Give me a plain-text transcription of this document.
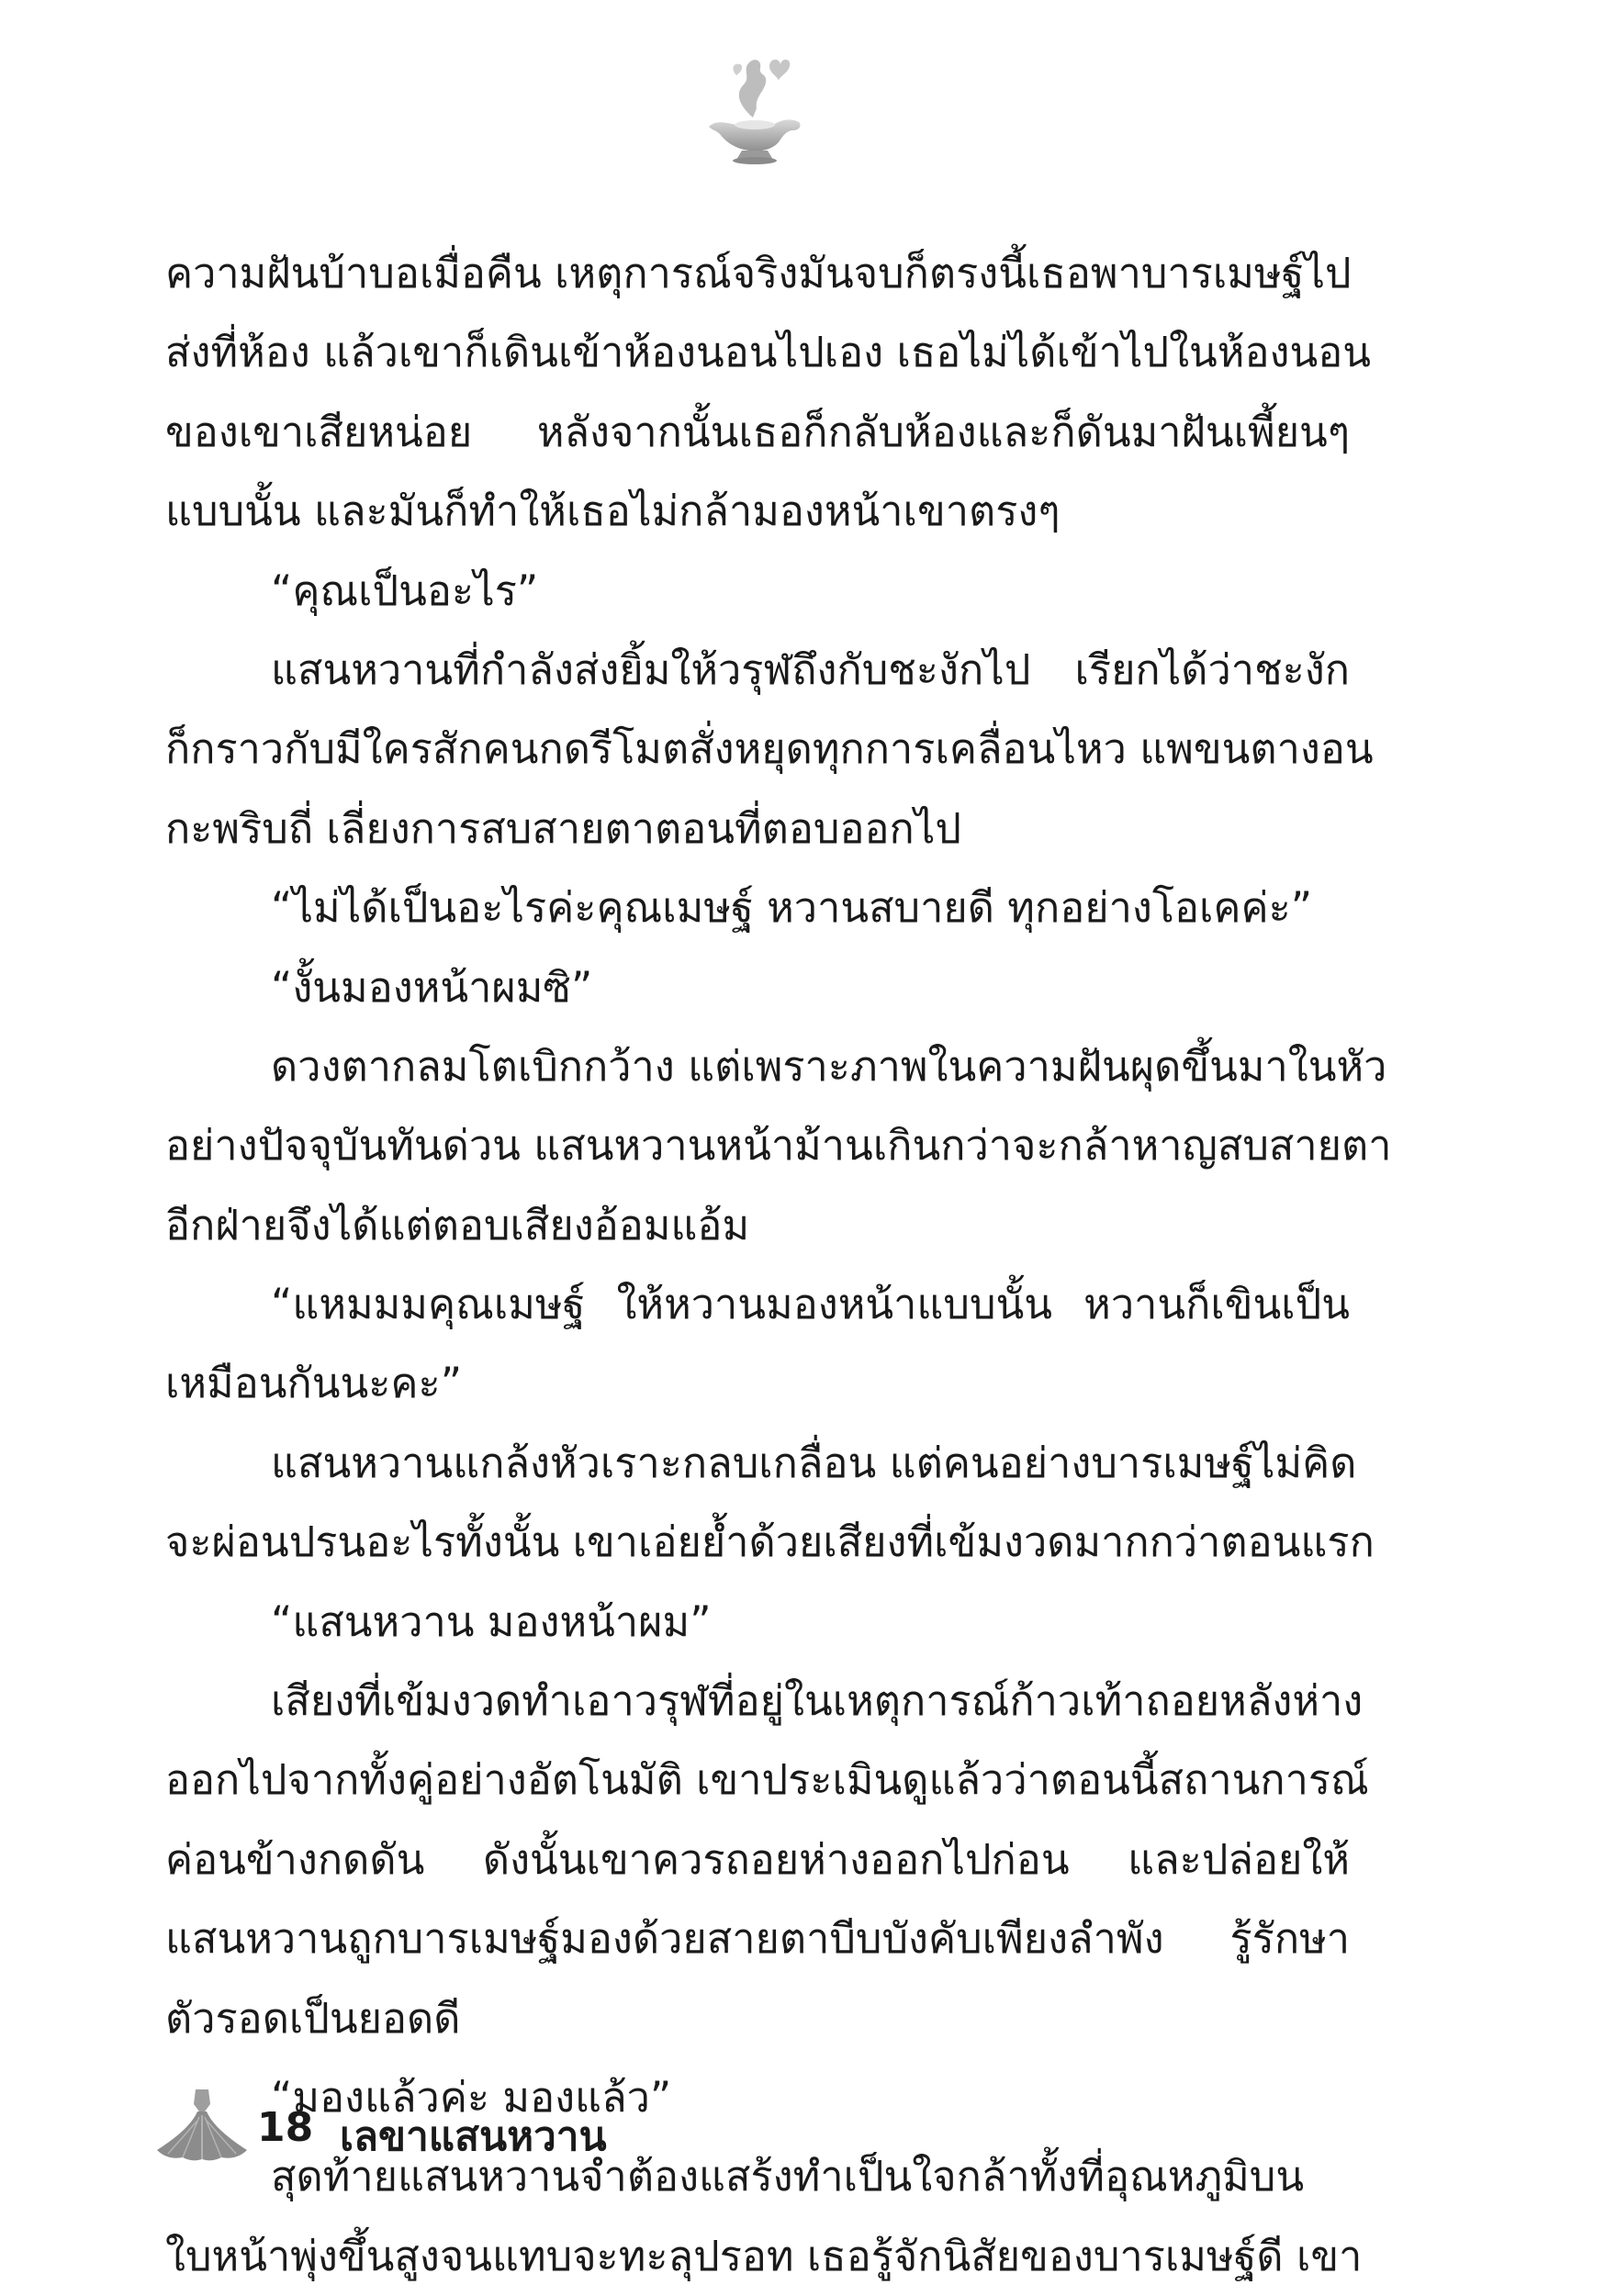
ความฝันบ้าบอเมื่อคืน เหตุการณ์จริงมันจบก็ตรงนี้เธอพาบารเมษฐ์ไป
ส่งที่ห้อง แล้วเขาก็เดินเข้าห้องนอนไปเอง เธอไม่ได้เข้าไปในห้องนอน
ของเขาเสียหน่อย หลังจากนั้นเธอก็กลับห้องและก็ดันมาฝันเพี้ยนๆ
แบบนั้น และมันก็ทำให้เธอไม่กล้ามองหน้าเขาตรงๆ
“คุณเป็นอะไร”
แสนหวานที่กำลังส่งยิ้มให้วรุฬถึงกับชะงักไป เรียกได้ว่าชะงัก
ก็กราวกับมีใครสักคนกดรีโมตสั่งหยุดทุกการเคลื่อนไหว แพขนตางอน
กะพริบถี่ เลี่ยงการสบสายตาตอนที่ตอบออกไป
“ไม่ได้เป็นอะไรค่ะคุณเมษฐ์ หวานสบายดี ทุกอย่างโอเคค่ะ”
“งั้นมองหน้าผมซิ”
ดวงตากลมโตเบิกกว้าง แต่เพราะภาพในความฝันผุดขึ้นมาในหัว
อย่างปัจจุบันทันด่วน แสนหวานหน้าม้านเกินกว่าจะกล้าหาญสบสายตา
อีกฝ่ายจึงได้แต่ตอบเสียงอ้อมแอ้ม
“แหมมมคุณเมษฐ์ ให้หวานมองหน้าแบบนั้น หวานก็เขินเป็น
เหมือนกันนะคะ”
แสนหวานแกล้งหัวเราะกลบเกลื่อน แต่คนอย่างบารเมษฐ์ไม่คิด
จะผ่อนปรนอะไรทั้งนั้น เขาเอ่ยย้ำด้วยเสียงที่เข้มงวดมากกว่าตอนแรก
“แสนหวาน มองหน้าผม”
เสียงที่เข้มงวดทำเอาวรุฬที่อยู่ในเหตุการณ์ก้าวเท้าถอยหลังห่าง
ออกไปจากทั้งคู่อย่างอัตโนมัติ เขาประเมินดูแล้วว่าตอนนี้สถานการณ์
ค่อนข้างกดดัน ดังนั้นเขาควรถอยห่างออกไปก่อน และปล่อยให้
แสนหวานถูกบารเมษฐ์มองด้วยสายตาบีบบังคับเพียงลำพัง รู้รักษา
ตัวรอดเป็นยอดดี
“มองแล้วค่ะ มองแล้ว”
สุดท้ายแสนหวานจำต้องแสร้งทำเป็นใจกล้าทั้งที่อุณหภูมิบน
ใบหน้าพุ่งขึ้นสูงจนแทบจะทะลุปรอท เธอรู้จักนิสัยของบารเมษฐ์ดี เขา
18 เลขาแสนหวาน
